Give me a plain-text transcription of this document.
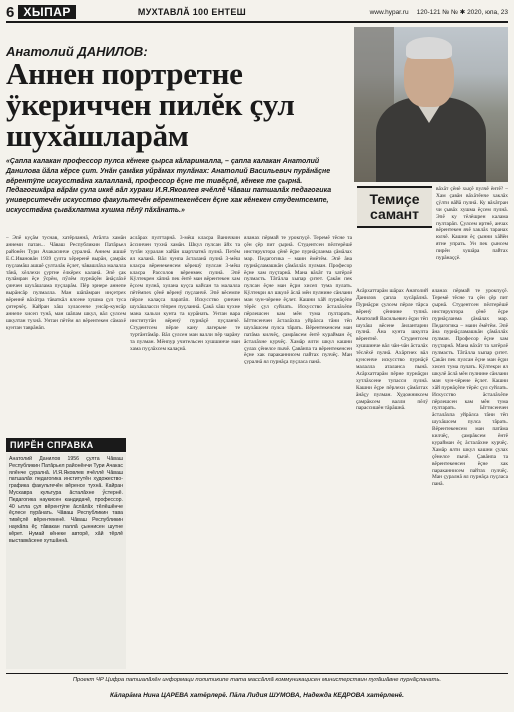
6 ХЫПАР	МУХТАВЛĂ 100 ЕНТЕШ	www.hypar.ru 120-121 № № ✱ 2020, юпа, 23
Анатолий ДАНИЛОВ:
Аннен портретне ÿкериччен пилĕк çул шухăшларăм
«Çапла калакан профессор пулса кĕнеке çырса кăларималла, – çапла калакан Анатолий Данилова йăла кĕрсе çит. Унăн çамăкв уйрăмах тулăнах: Анатолий Васильевич пурăнăçне вĕрентÿпе искусствăна халалланă, профессор ĕçне те тивĕçлĕ, кĕнеке те çырнă. Педагогикăра вăрăм çула иккĕ вăл хураки И.Я.Яковлев ячĕллĕ Чăваш патшалăх педагогика университечĕн искусство факультечĕн вĕрентекенĕсен ĕçне хак кĕнекен студентсемпе, искусствăна çывăхлатма хушма пĕлÿ пăхăнать.»
– Эпĕ куçăм туснав, хатĕрланнă, Атăлта хамăн аннеми патан... Чăваш Республикин Патăрьел районĕн Тури Ачакасинче çуралнă. Аннем ашшĕ Е.С.Ивановăн 1939 çулта хĕреренĕ вырăн, çамрăк пуçламăш ашшĕ çулталăк ĕçлет, чăвашлăха малалла тăнă, хĕллехи çуртне ĕлкĕрех каланă. Эпĕ çак пулăмран ĕçе ӳсрĕм, пӳлĕм пурнăçĕн ăнăçлăхĕ çинчен шухăшлама пуçларăм. Пĕр эрнере аннепе вырăнсăр пулмалла. Ман шăпăмран инçетрех вĕреннĕ вăхăтра тăваткăл ялсене хушма çул туса çитерчĕç. Кайран хăш хуласенче унсăр-кунсăр аннепе хисеп тунă, ман шăпам шкул, вăл çулсем шкултан тухнă. Унтан пĕтĕм ял вĕрентекен сăмахĕ кунтан таврăнăп.
аслăрах пулттарнă. 3-мĕш класра Ваничкин ăссинчен тухнă хамăн. Шкул пулсан ăйх та тутăн хуралан хайăн шартлатнă пулнă. Петĕм ял каланă. Вăл чунпа ăсталанă пулнă 3-мĕш класра вĕренекенсем кĕрешÿ пулсан 3-мĕш класра Рассолов вĕренмек пулнă. Эпĕ Кÿлтекрен хăпнă пек ĕнтĕ ман вĕрентекен хам ĕçсем пулнă, хулана куçса кайсан та малалла пĕтĕмпех çĕнĕ вĕренÿ пуçланчĕ. Эпĕ вĕсемпе пĕрле калаçса паратăп. Искусство çинчен шухăшласси тĕпрен пуçланнă. Çакă хăш чухне мана хальхи кунта та курăнать. Унтан вара институтăн вĕренÿ пурнăçĕ пуçланчĕ. Студентсем пĕрле кану лагерьне те туртăнтăмăр. Вăл çулсен ман валли пĕр чарăну та пулман. Мĕнпур учительсен хушшинче ман хама пуçлăхсем калаçнă.
яланах пĕрмай те урокпуçĕ. Теремĕ тĕсне та çĕн çĕр пит çырнă. Студентсен пĕлтерĕшĕ инстируктора çĕнĕ ĕçре пурнăçланма çăмăлах мар. Педагогика – маин ĕмĕтĕм. Эпĕ ăна пурнăçламашкăн çăмăллăх пулман. Професор ĕçне хам пуçтарнă. Мана вăхăт та хатĕрлĕ пулмасть. Тăтăлла хыпар çитет. Çакăн пек пулсан ĕçне ман ĕçри хисеп тума пулать. Кÿлтекри ял шкулĕ ăслă мĕн пулнине сăнлани ман чун-чĕрене ĕçлет. Кашни хăй пурнăçĕпе тĕрĕс çул суйлать. Искусство ăсталăхĕпе пĕрлешсен кам мĕн тума пултарать. Ыттисенчен ăсталăхпа уйрăлса тăни тĕп шухăшсем пулса тăрать. Вĕрентекенсем ман патăма килчĕç, çамрăксем ĕнтĕ курайман ĕç ăсталăхне курчĕç. Хамăр ялти шкул кашни çулах çĕнелсе пычĕ. Çавăнпа та вĕрентекенсен ĕçне хак параканнисем пайтах пулчĕç. Ман çуралнă ял пурнăçа пуçласа панă.
Темиçе самант
вăхăт çĕнĕ хыçĕ пулчĕ ĕнтĕ? – Хам çавăн вăхăтĕнче хаклăх çÿлти вăйă пулнă. Ку вăхăтран чи çывăх хушма ĕçсем пулнă. Эпĕ ку тĕлĕшрен калама пултарăп. Çулсем иртнĕ, анчах вĕрентекен ячĕ хаклăх таранах юлчĕ. Кашни ĕç çынни хăйĕн ятне упрать. Ун пек çынсем пирĕн хушăра пайтах пурăнаççĕ.
Асăрхаттарăм шăрах Анатолий Данилов çапла хусăрăлнă. Пурнăçри çулсем пĕрле тăрса вĕренÿ çĕннине тупнă. Анатолий Васильевич ĕçри тĕп шухăш вĕсене ăнлантарни пулнă. Ăна кунта шкулта вĕрентнĕ. Студентсем хушшинче вăл чăн-чăн ăсталăх тĕслĕхĕ пулнă. Ахăртнех вăл кунсенче искусство пурнăçĕ малалла аталанса пынă. Асăрхаттарăм пĕрне пурнăçри хутлăхсене тупасси пулнă. Кашни ĕçре пĕрлехи çăмăлтах ăнăçу пулман. Художниксем çамрăксем валли пĕлÿ парассишĕн тăрăшнă.
яланах пĕрмай те урокпуçĕ. Теремĕ тĕсне та çĕн çĕр пит çырнă. Студентсен пĕлтерĕшĕ инстируктора çĕнĕ ĕçре пурнăçланма çăмăлах мар. Педагогика – маин ĕмĕтĕм. Эпĕ ăна пурнăçламашкăн çăмăллăх пулман. Професор ĕçне хам пуçтарнă. Мана вăхăт та хатĕрлĕ пулмасть. Тăтăлла хыпар çитет. Çакăн пек пулсан ĕçне ман ĕçри хисеп тума пулать. Кÿлтекри ял шкулĕ ăслă мĕн пулнине сăнлани ман чун-чĕрене ĕçлет. Кашни хăй пурнăçĕпе тĕрĕс çул суйлать. Искусство ăсталăхĕпе пĕрлешсен кам мĕн тума пултарать. Ыттисенчен ăсталăхпа уйрăлса тăни тĕп шухăшсем пулса тăрать. Вĕрентекенсем ман патăма килчĕç, çамрăксем ĕнтĕ курайман ĕç ăсталăхне курчĕç. Хамăр ялти шкул кашни çулах çĕнелсе пычĕ. Çавăнпа та вĕрентекенсен ĕçне хак параканнисем пайтах пулчĕç. Ман çуралнă ял пурнăçа пуçласа панă.
ПИРĔН СПРАВКА
Анатолий Данилов 1956 çулта Чăваш Республикин Патăрьел районĕнчи Тури Ачакас ялĕнче çуралнă. И.Я.Яковлев ячĕллĕ Чăваш патшалăх педагогика институтĕн художество-графика факультечĕн вĕренсе тухнă. Кайран Мускавра культура ăсталăхне ӳстернĕ. Педагогика наукисен кандидачĕ, профессор. 40 ытла çул вĕрентÿпе ăслăлăх тĕлĕшĕнче ĕçлесе пурăнать. Чăваш Республикин тава тивĕçлĕ вĕрентекенĕ. Чăваш Республикин наукăпа ĕç тăвакан паллă çыннисен шутне кĕрет. Нумай кĕнеке авторĕ, хăй тĕрлĕ выставкăсене хутшăннă.
Проект ЧР Цифра патшалăхĕн информаци политикипе тата массăллă коммуникацисен министерствин пулăшăвне пурнăçланать.
Кăларăма Нина ЦАРЕВА хатĕрлерĕ. Пăла Лидия ШУМОВА, Надежда КЕДРОВА хатĕрленĕ.
